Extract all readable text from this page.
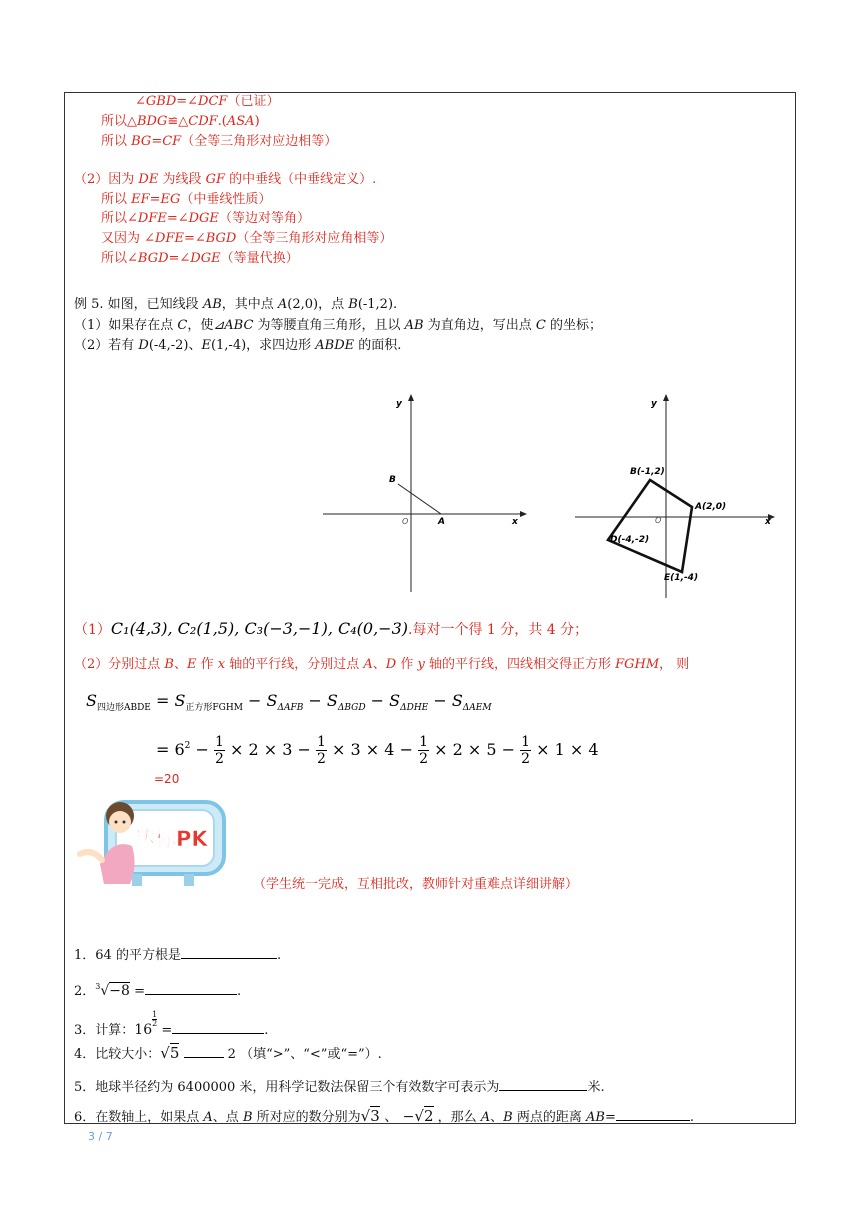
∠GBD=∠DCF（已证）
所以△BDG≌△CDF.(ASA)
所以 BG=CF（全等三角形对应边相等）
（2）因为 DE 为线段 GF 的中垂线（中垂线定义）.
所以 EF=EG（中垂线性质）
所以∠DFE=∠DGE（等边对等角）
又因为 ∠DFE=∠BGD（全等三角形对应角相等）
所以∠BGD=∠DGE（等量代换）
例 5. 如图，已知线段 AB，其中点 A(2,0)，点 B(-1,2).
（1）如果存在点 C，使⊿ABC 为等腰直角三角形，且以 AB 为直角边，写出点 C 的坐标；
（2）若有 D(-4,-2)、E(1,-4)，求四边形 ABDE 的面积.
y
x
O	A
B
y
x
O
A(2,0)
B(-1,2)
D(-4,-2)
E(1,-4)
（1）C₁(4,3), C₂(1,5), C₃(−3,−1), C₄(0,−3).每对一个得 1 分，共 4 分；
（2）分别过点 B、E 作 x 轴的平行线，分别过点 A、D 作 y 轴的平行线，四线相交得正方形 FGHM， 则
$S_{四边形ABDE} = S_{正方形FGHM} - S_{\Delta AFB} - S_{\Delta BGD} - S_{\Delta DHE} - S_{\Delta AEM}$
= $6^2 - \frac{1}{2} \times 2 \times 3 - \frac{1}{2} \times 3 \times 4 - \frac{1}{2} \times 2 \times 5 - \frac{1}{2} \times 1 \times 4$
=20
达标PK
（学生统一完成，互相批改，教师针对重难点详细讲解）
1．64 的平方根是	.
2．$^3$√−8 =	.
3．计算：16
$\frac{1}{2}$
=	.
4．比较大小：√5	2 （填“>”、“<”或“=”）.
5．地球半径约为 6400000 米，用科学记数法保留三个有效数字可表示为	米.
6．在数轴上，如果点 A、点 B 所对应的数分别为√3 、 −√2 ，那么 A、B 两点的距离 AB=	.
3 / 7
